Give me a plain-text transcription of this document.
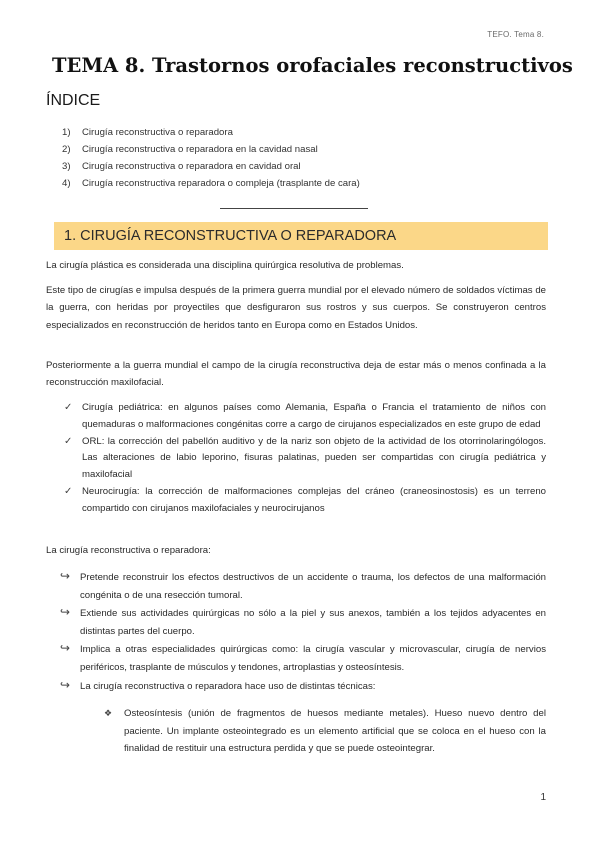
TEFO. Tema 8.
TEMA 8. Trastornos orofaciales reconstructivos
ÍNDICE
1) Cirugía reconstructiva o reparadora
2) Cirugía reconstructiva o reparadora en la cavidad nasal
3) Cirugía reconstructiva o reparadora en cavidad oral
4) Cirugía reconstructiva reparadora o compleja (trasplante de cara)
1. CIRUGÍA RECONSTRUCTIVA O REPARADORA

La cirugía plástica es considerada una disciplina quirúrgica resolutiva de problemas.

Este tipo de cirugías e impulsa después de la primera guerra mundial por el elevado número de soldados víctimas de la guerra, con heridas por proyectiles que desfiguraron sus rostros y sus cuerpos. Se construyeron centros especializados en reconstrucción de heridos tanto en Europa como en Estados Unidos.

Posteriormente a la guerra mundial el campo de la cirugía reconstructiva deja de estar más o menos confinada a la reconstrucción maxilofacial.

✓ Cirugía pediátrica: en algunos países como Alemania, España o Francia el tratamiento de niños con quemaduras o malformaciones congénitas corre a cargo de cirujanos especializados en este grupo de edad
✓ ORL: la corrección del pabellón auditivo y de la nariz son objeto de la actividad de los otorrinolaringólogos. Las alteraciones de labio leporino, fisuras palatinas, pueden ser compartidas con cirugía pediátrica y maxilofacial
✓ Neurocirugía: la corrección de malformaciones complejas del cráneo (craneosinostosis) es un terreno compartido con cirujanos maxilofaciales y neurocirujanos

La cirugía reconstructiva o reparadora:

↪ Pretende reconstruir los efectos destructivos de un accidente o trauma, los defectos de una malformación congénita o de una resección tumoral.
↪ Extiende sus actividades quirúrgicas no sólo a la piel y sus anexos, también a los tejidos adyacentes en distintas partes del cuerpo.
↪ Implica a otras especialidades quirúrgicas como: la cirugía vascular y microvascular, cirugía de nervios periféricos, trasplante de músculos y tendones, artroplastias y osteosíntesis.
↪ La cirugía reconstructiva o reparadora hace uso de distintas técnicas:
❖ Osteosíntesis (unión de fragmentos de huesos mediante metales). Hueso nuevo dentro del paciente. Un implante osteointegrado es un elemento artificial que se coloca en el hueso con la finalidad de restituir una estructura perdida y que se puede osteointegrar.
1
